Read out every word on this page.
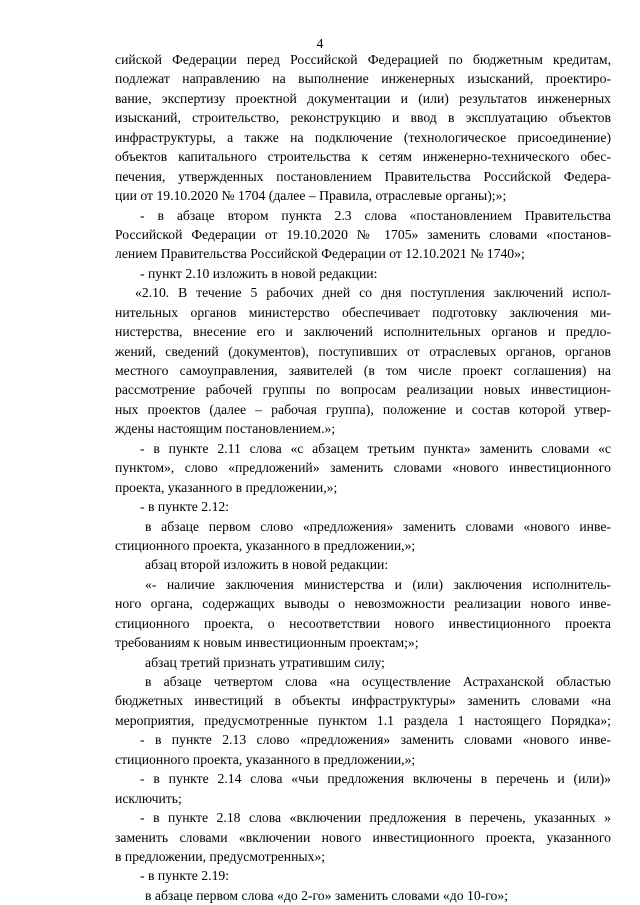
4
сийской Федерации перед Российской Федерацией по бюджетным кредитам,
подлежат направлению на выполнение инженерных изысканий, проектиро-
вание, экспертизу проектной документации и (или) результатов инженерных
изысканий, строительство, реконструкцию и ввод в эксплуатацию объектов
инфраструктуры, а также на подключение (технологическое присоединение)
объектов капитального строительства к сетям инженерно-технического обес-
печения, утвержденных постановлением Правительства Российской Федера-
ции от 19.10.2020 № 1704 (далее – Правила, отраслевые органы);»;
- в абзаце втором пункта 2.3 слова «постановлением Правительства
Российской Федерации от 19.10.2020 № 1705» заменить словами «постанов-
лением Правительства Российской Федерации от 12.10.2021 № 1740»;
- пункт 2.10 изложить в новой редакции:
«2.10. В течение 5 рабочих дней со дня поступления заключений испол-
нительных органов министерство обеспечивает подготовку заключения ми-
нистерства, внесение его и заключений исполнительных органов и предло-
жений, сведений (документов), поступивших от отраслевых органов, органов
местного самоуправления, заявителей (в том числе проект соглашения) на
рассмотрение рабочей группы по вопросам реализации новых инвестицион-
ных проектов (далее – рабочая группа), положение и состав которой утвер-
ждены настоящим постановлением.»;
- в пункте 2.11 слова «с абзацем третьим пункта» заменить словами «с
пунктом», слово «предложений» заменить словами «нового инвестиционного
проекта, указанного в предложении,»;
- в пункте 2.12:
в абзаце первом слово «предложения» заменить словами «нового инве-
стиционного проекта, указанного в предложении,»;
абзац второй изложить в новой редакции:
«- наличие заключения министерства и (или) заключения исполнитель-
ного органа, содержащих выводы о невозможности реализации нового инве-
стиционного проекта, о несоответствии нового инвестиционного проекта
требованиям к новым инвестиционным проектам;»;
абзац третий признать утратившим силу;
в абзаце четвертом слова «на осуществление Астраханской областью
бюджетных инвестиций в объекты инфраструктуры» заменить словами «на
мероприятия, предусмотренные пунктом 1.1 раздела 1 настоящего Порядка»;
- в пункте 2.13 слово «предложения» заменить словами «нового инве-
стиционного проекта, указанного в предложении,»;
- в пункте 2.14 слова «чьи предложения включены в перечень и (или)»
исключить;
- в пункте 2.18 слова «включении предложения в перечень, указанных »
заменить словами «включении нового инвестиционного проекта, указанного
в предложении, предусмотренных»;
- в пункте 2.19:
в абзаце первом слова «до 2-го» заменить словами «до 10-го»;
